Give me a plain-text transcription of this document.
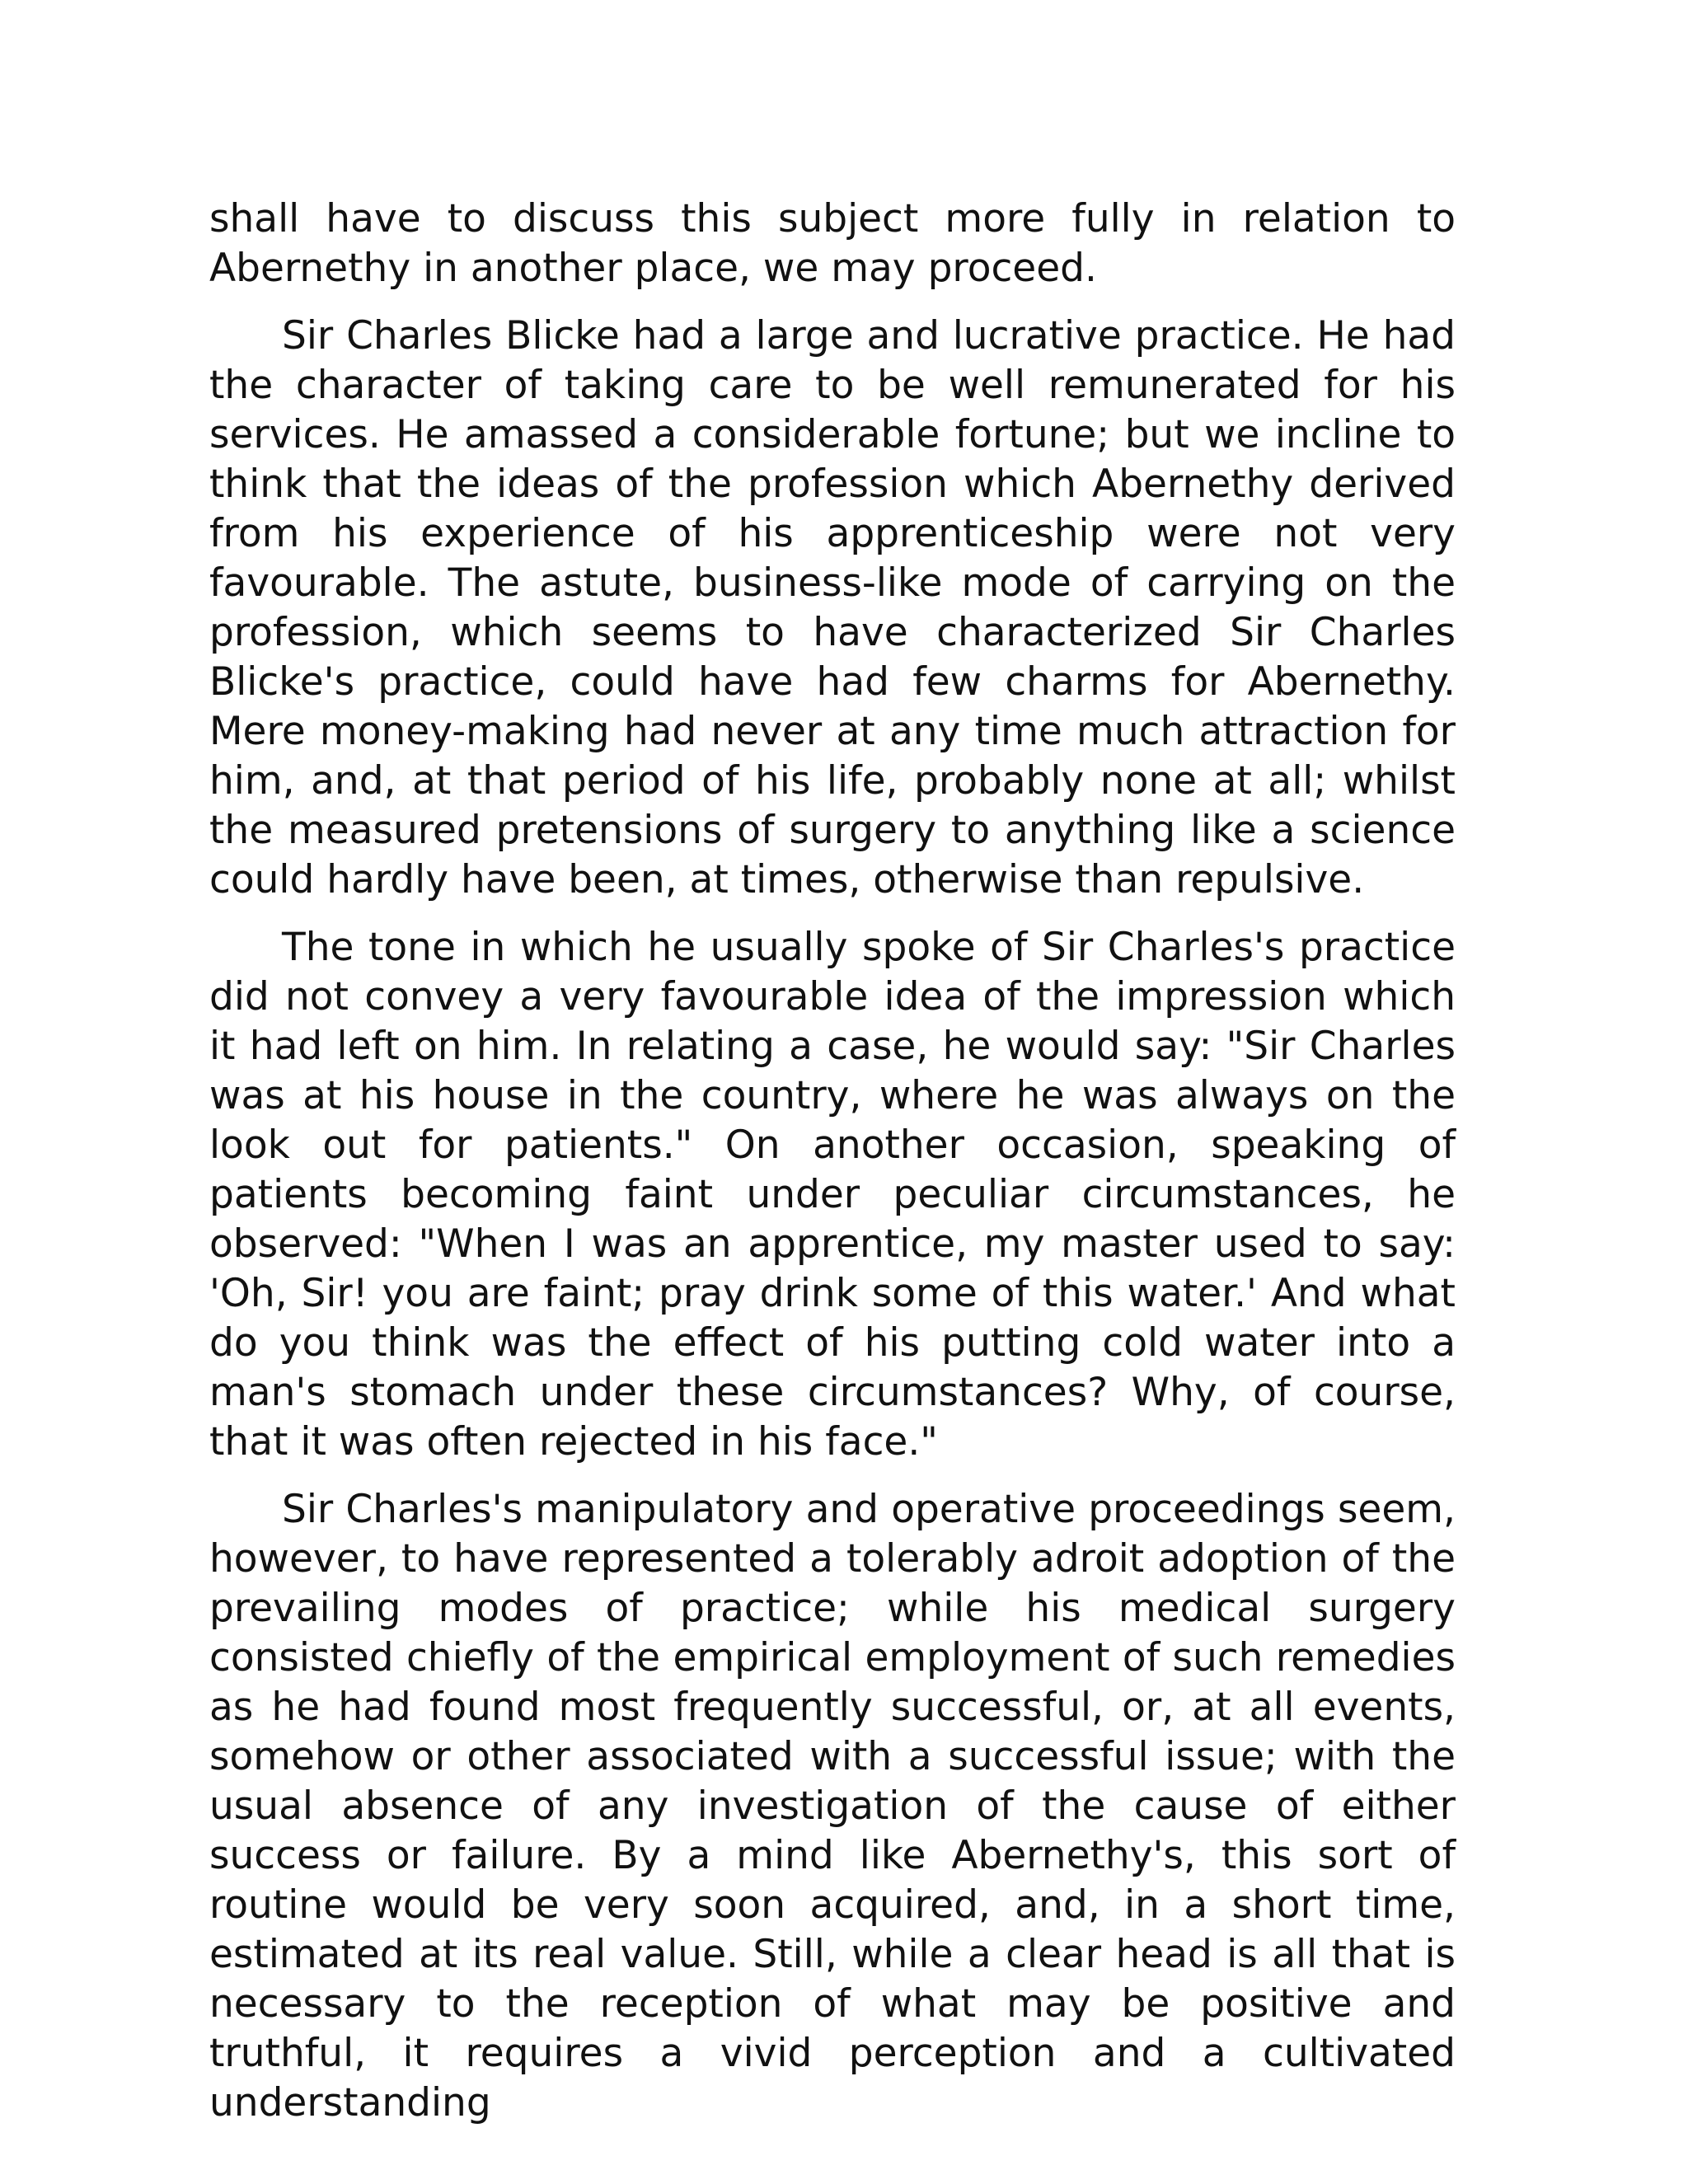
shall have to discuss this subject more fully in relation to Abernethy in another place, we may proceed.

Sir Charles Blicke had a large and lucrative practice. He had the character of taking care to be well remunerated for his services. He amassed a considerable fortune; but we incline to think that the ideas of the profession which Abernethy derived from his experience of his apprenticeship were not very favourable. The astute, business-like mode of carrying on the profession, which seems to have characterized Sir Charles Blicke's practice, could have had few charms for Abernethy. Mere money-making had never at any time much attraction for him, and, at that period of his life, probably none at all; whilst the measured pretensions of surgery to anything like a science could hardly have been, at times, otherwise than repulsive.

The tone in which he usually spoke of Sir Charles's practice did not convey a very favourable idea of the impression which it had left on him. In relating a case, he would say: "Sir Charles was at his house in the country, where he was always on the look out for patients." On another occasion, speaking of patients becoming faint under peculiar circumstances, he observed: "When I was an apprentice, my master used to say: 'Oh, Sir! you are faint; pray drink some of this water.' And what do you think was the effect of his putting cold water into a man's stomach under these circumstances? Why, of course, that it was often rejected in his face."

Sir Charles's manipulatory and operative proceedings seem, however, to have represented a tolerably adroit adoption of the prevailing modes of practice; while his medical surgery consisted chiefly of the empirical employment of such remedies as he had found most frequently successful, or, at all events, somehow or other associated with a successful issue; with the usual absence of any investigation of the cause of either success or failure. By a mind like Abernethy's, this sort of routine would be very soon acquired, and, in a short time, estimated at its real value. Still, while a clear head is all that is necessary to the reception of what may be positive and truthful, it requires a vivid perception and a cultivated understanding
